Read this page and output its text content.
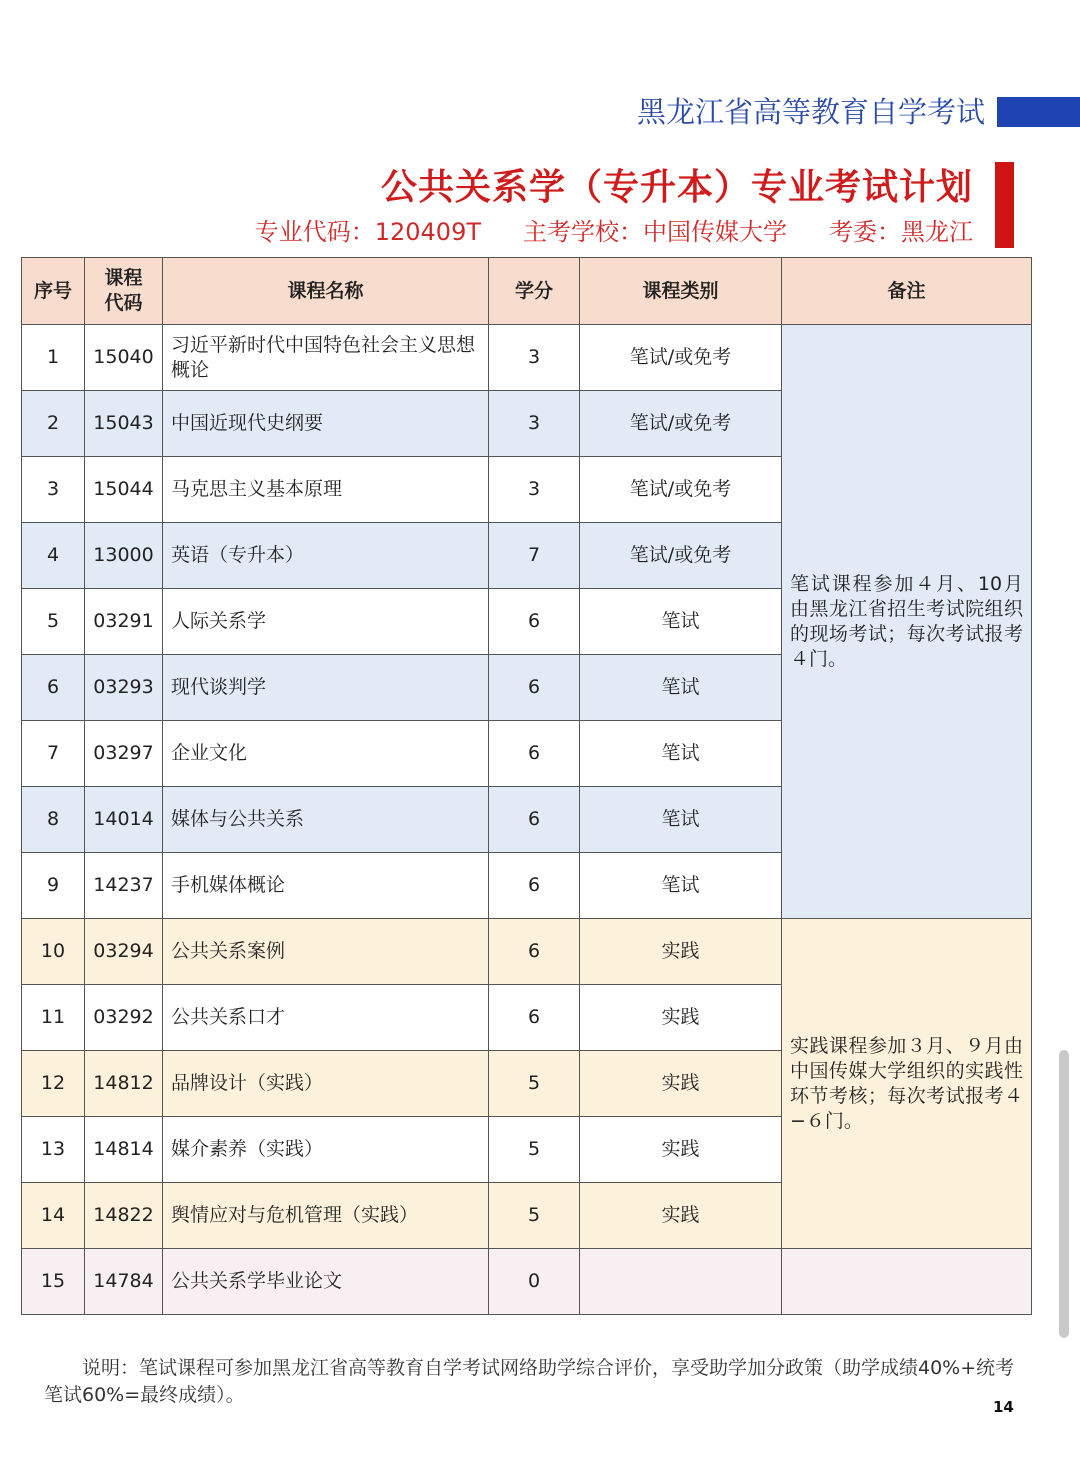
黑龙江省高等教育自学考试
公共关系学（专升本）专业考试计划
专业代码：120409T 主考学校：中国传媒大学 考委：黑龙江
序号	课程代码	课程名称	学分	课程类别	备注
1	15040	习近平新时代中国特色社会主义思想概论	3	笔试/或免考	笔试课程参加４月、10月由黑龙江省招生考试院组织的现场考试；每次考试报考４门。
2	15043	中国近现代史纲要	3	笔试/或免考	
3	15044	马克思主义基本原理	3	笔试/或免考	
4	13000	英语（专升本）	7	笔试/或免考	
5	03291	人际关系学	6	笔试	
6	03293	现代谈判学	6	笔试	
7	03297	企业文化	6	笔试	
8	14014	媒体与公共关系	6	笔试	
9	14237	手机媒体概论	6	笔试	
10	03294	公共关系案例	6	实践	实践课程参加３月、９月由中国传媒大学组织的实践性环节考核；每次考试报考４−６门。
11	03292	公共关系口才	6	实践	
12	14812	品牌设计（实践）	5	实践	
13	14814	媒介素养（实践）	5	实践	
14	14822	舆情应对与危机管理（实践）	5	实践	
15	14784	公共关系学毕业论文	0		
说明：笔试课程可参加黑龙江省高等教育自学考试网络助学综合评价，享受助学加分政策（助学成绩40%+统考笔试60%=最终成绩）。
14
